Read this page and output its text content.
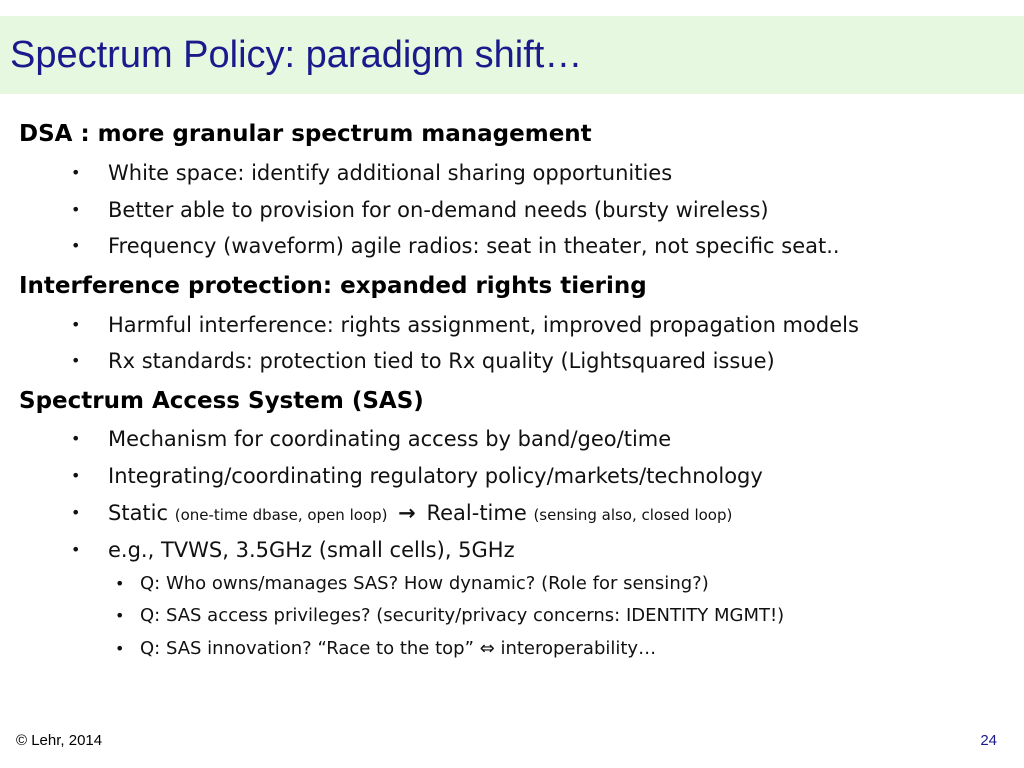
Spectrum Policy: paradigm shift…
DSA : more granular spectrum management
• White space: identify additional sharing opportunities
• Better able to provision for on-demand needs (bursty wireless)
• Frequency (waveform) agile radios: seat in theater, not specific seat..
Interference protection: expanded rights tiering
• Harmful interference: rights assignment, improved propagation models
• Rx standards: protection tied to Rx quality (Lightsquared issue)
Spectrum Access System (SAS)
• Mechanism for coordinating access by band/geo/time
• Integrating/coordinating regulatory policy/markets/technology
• Static (one-time dbase, open loop) → Real-time (sensing also, closed loop)
• e.g., TVWS, 3.5GHz (small cells), 5GHz
• Q: Who owns/manages SAS? How dynamic? (Role for sensing?)
• Q: SAS access privileges? (security/privacy concerns: IDENTITY MGMT!)
• Q: SAS innovation? “Race to the top” ⇔ interoperability…
© Lehr, 2014	24
